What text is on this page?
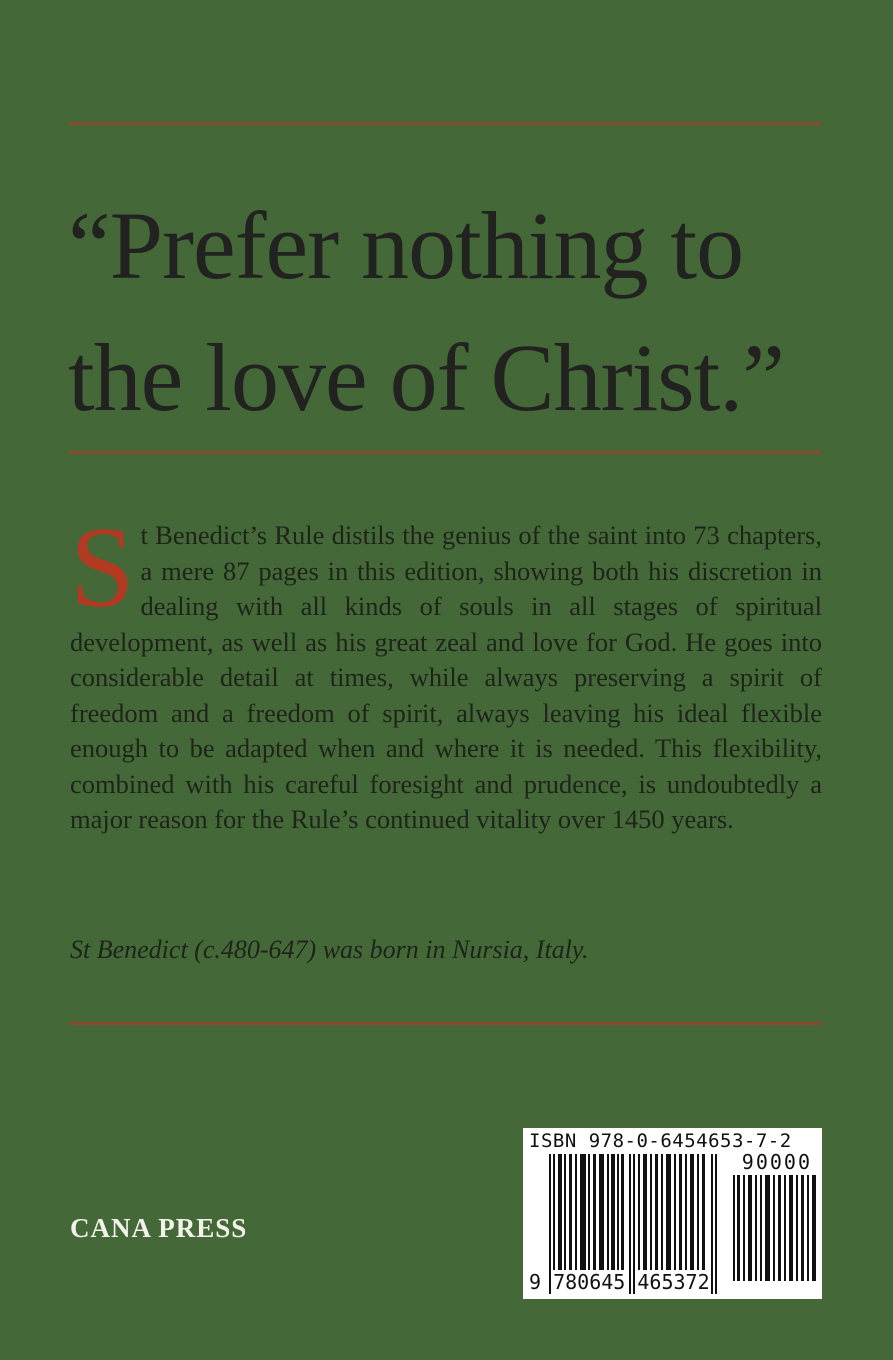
“Prefer nothing to
the love of Christ.”
St Benedict’s Rule distils the genius of the saint into 73 chapters, a mere 87 pages in this edition, showing both his discretion in dealing with all kinds of souls in all stages of spiritual development, as well as his great zeal and love for God. He goes into considerable detail at times, while always preserving a spirit of freedom and a freedom of spirit, always leaving his ideal flexible enough to be adapted when and where it is needed. This flexibility, combined with his careful foresight and prudence, is undoubtedly a major reason for the Rule’s continued vitality over 1450 years.
St Benedict (c.480-647) was born in Nursia, Italy.
CANA PRESS
ISBN 978-0-6454653-7-2
90000
9 780645 465372
